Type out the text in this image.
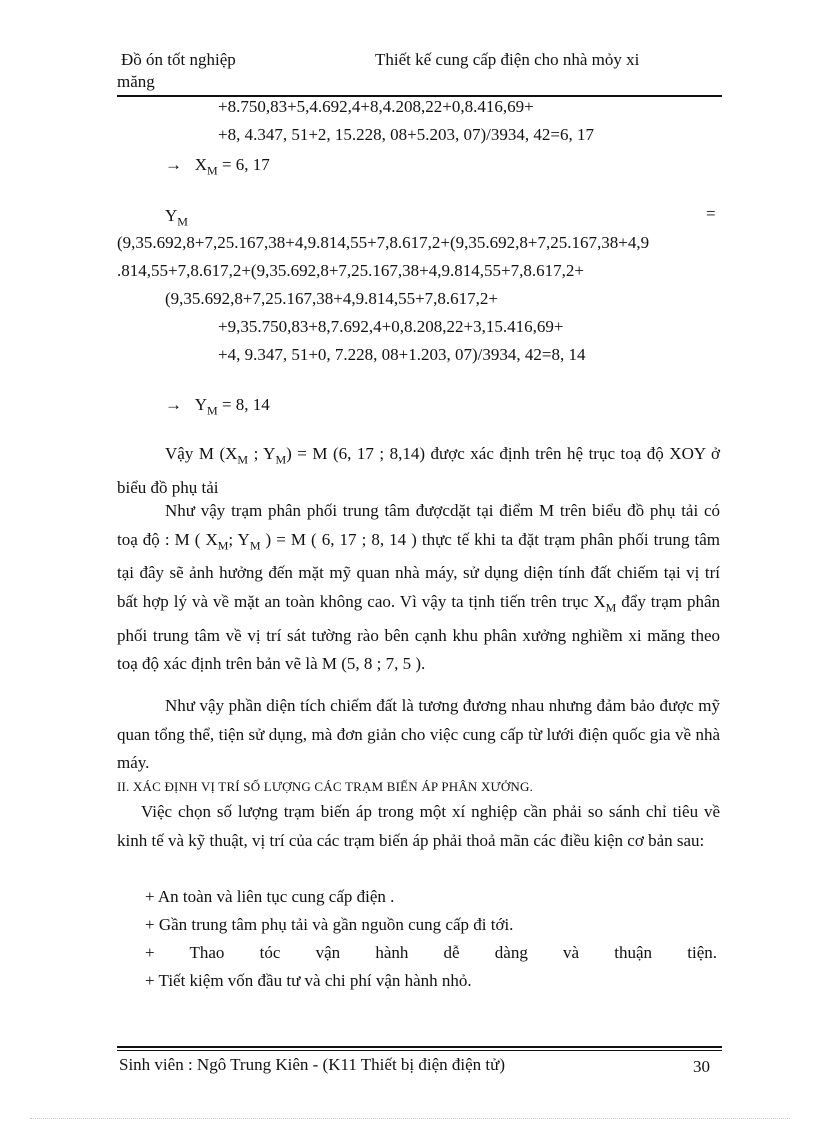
Đồ ón tốt nghiệp	Thiết kế cung cấp điện cho nhà mỏy xi
măng
+8.750,83+5,4.692,4+8,4.208,22+0,8.416,69+
+8, 4.347, 51+2, 15.228, 08+5.203, 07)/3934, 42=6, 17
→ $X_M = 6$, 17
$Y_M$	=
(9,35.692,8+7,25.167,38+4,9.814,55+7,8.617,2+(9,35.692,8+7,25.167,38+4,9
.814,55+7,8.617,2+(9,35.692,8+7,25.167,38+4,9.814,55+7,8.617,2+
(9,35.692,8+7,25.167,38+4,9.814,55+7,8.617,2+
+9,35.750,83+8,7.692,4+0,8.208,22+3,15.416,69+
+4, 9.347, 51+0, 7.228, 08+1.203, 07)/3934, 42=8, 14
→ $Y_M = 8$, 14
Vậy M ($X_M$ ; $Y_M) = M$ (6, 17 ; 8,14) được xác định trên hệ trục toạ độ XOY ở biểu đồ phụ tải
Như vậy trạm phân phối trung tâm đượcdặt tại điểm M trên biểu đồ phụ tải có toạ độ : M ( $X_M$; $Y_M$ ) = M ( 6, 17 ; 8, 14 ) thực tế khi ta đặt trạm phân phối trung tâm tại đây sẽ ảnh hưởng đến mặt mỹ quan nhà máy, sử dụng diện tính đất chiếm tại vị trí bất hợp lý và về mặt an toàn không cao. Vì vậy ta tịnh tiến trên trục $X_M$ đẩy trạm phân phối trung tâm về vị trí sát tường rào bên cạnh khu phân xưởng nghiềm xi măng theo toạ độ xác định trên bản vẽ là M (5, 8 ; 7, 5 ).
Như vậy phần diện tích chiếm đất là tương đương nhau nhưng đảm bảo được mỹ quan tổng thể, tiện sử dụng, mà đơn giản cho việc cung cấp từ lưới điện quốc gia về nhà máy.
II. XÁC ĐỊNH VỊ TRÍ SỐ LƯỢNG CÁC TRẠM BIẾN ÁP PHÂN XƯỞNG.
Việc chọn số lượng trạm biến áp trong một xí nghiệp cần phải so sánh chỉ tiêu về kinh tế và kỹ thuật, vị trí của các trạm biến áp phải thoả mãn các điều kiện cơ bản sau:
+ An toàn và liên tục cung cấp điện .
+ Gần trung tâm phụ tải và gần nguồn cung cấp đi tới.
+ Thao tóc vận hành dễ dàng và thuận tiện.
+ Tiết kiệm vốn đầu tư và chi phí vận hành nhỏ.
Sinh viên : Ngô Trung Kiên - (K11 Thiết bị điện điện tử)	30
